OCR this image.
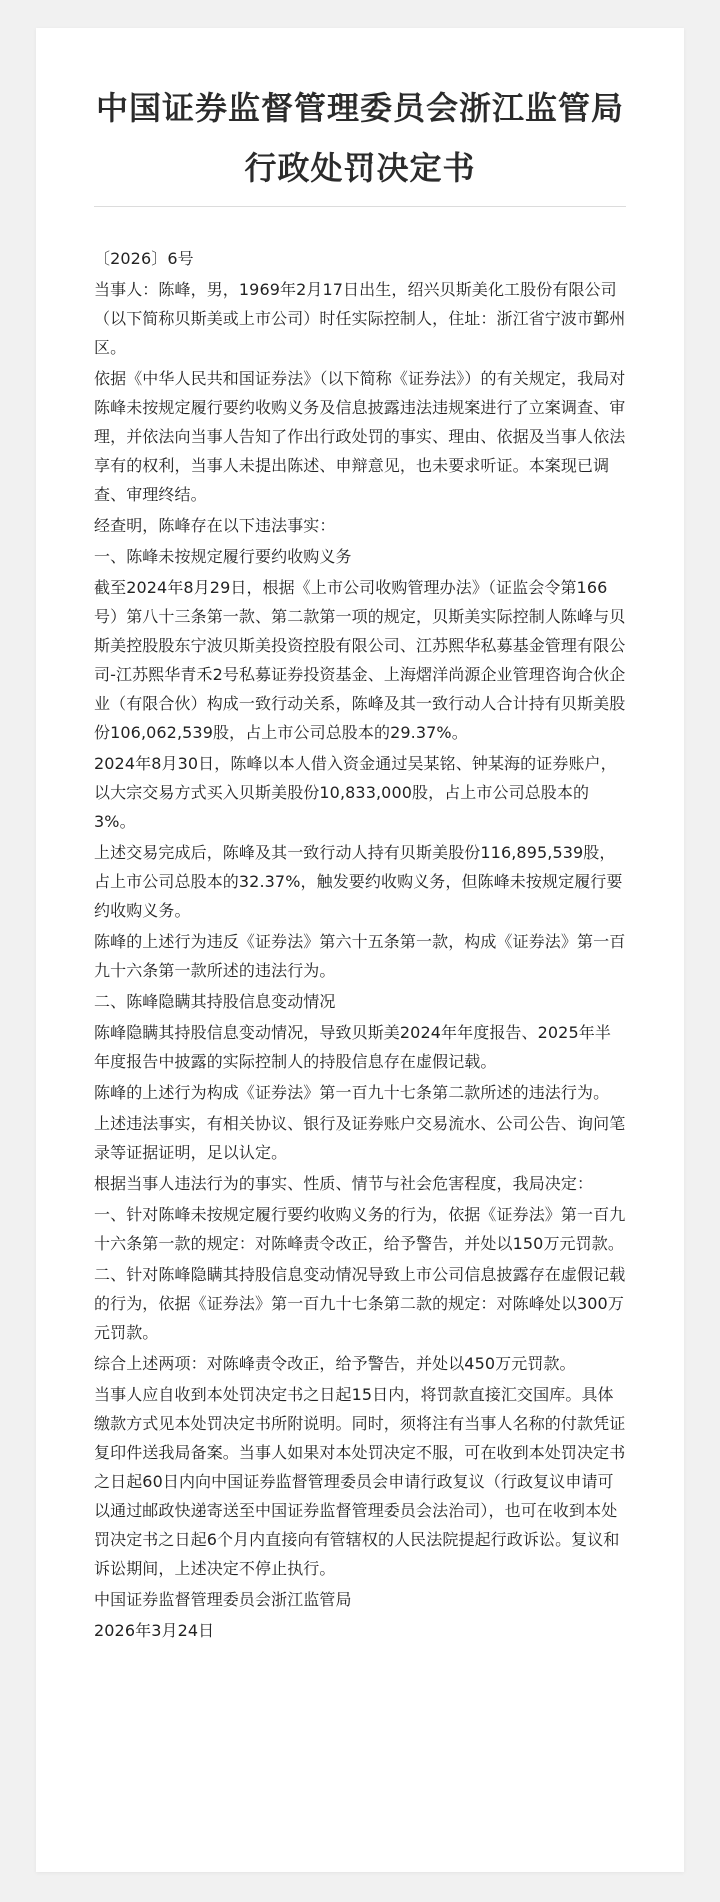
中国证券监督管理委员会浙江监管局
行政处罚决定书

〔2026〕6号

当事人：陈峰，男，1969年2月17日出生，绍兴贝斯美化工股份有限公司（以下简称贝斯美或上市公司）时任实际控制人，住址：浙江省宁波市鄞州区。

依据《中华人民共和国证券法》（以下简称《证券法》）的有关规定，我局对陈峰未按规定履行要约收购义务及信息披露违法违规案进行了立案调查、审理，并依法向当事人告知了作出行政处罚的事实、理由、依据及当事人依法享有的权利，当事人未提出陈述、申辩意见，也未要求听证。本案现已调查、审理终结。

经查明，陈峰存在以下违法事实：

一、陈峰未按规定履行要约收购义务

截至2024年8月29日，根据《上市公司收购管理办法》（证监会令第166号）第八十三条第一款、第二款第一项的规定，贝斯美实际控制人陈峰与贝斯美控股股东宁波贝斯美投资控股有限公司、江苏熙华私募基金管理有限公司-江苏熙华青禾2号私募证券投资基金、上海熠洋尚源企业管理咨询合伙企业（有限合伙）构成一致行动关系，陈峰及其一致行动人合计持有贝斯美股份106,062,539股，占上市公司总股本的29.37%。

2024年8月30日，陈峰以本人借入资金通过吴某铭、钟某海的证券账户，以大宗交易方式买入贝斯美股份10,833,000股，占上市公司总股本的3%。

上述交易完成后，陈峰及其一致行动人持有贝斯美股份116,895,539股，占上市公司总股本的32.37%，触发要约收购义务，但陈峰未按规定履行要约收购义务。

陈峰的上述行为违反《证券法》第六十五条第一款，构成《证券法》第一百九十六条第一款所述的违法行为。

二、陈峰隐瞒其持股信息变动情况

陈峰隐瞒其持股信息变动情况，导致贝斯美2024年年度报告、2025年半年度报告中披露的实际控制人的持股信息存在虚假记载。

陈峰的上述行为构成《证券法》第一百九十七条第二款所述的违法行为。

上述违法事实，有相关协议、银行及证券账户交易流水、公司公告、询问笔录等证据证明，足以认定。

根据当事人违法行为的事实、性质、情节与社会危害程度，我局决定：

一、针对陈峰未按规定履行要约收购义务的行为，依据《证券法》第一百九十六条第一款的规定：对陈峰责令改正，给予警告，并处以150万元罚款。

二、针对陈峰隐瞒其持股信息变动情况导致上市公司信息披露存在虚假记载的行为，依据《证券法》第一百九十七条第二款的规定：对陈峰处以300万元罚款。

综合上述两项：对陈峰责令改正，给予警告，并处以450万元罚款。

当事人应自收到本处罚决定书之日起15日内，将罚款直接汇交国库。具体缴款方式见本处罚决定书所附说明。同时，须将注有当事人名称的付款凭证复印件送我局备案。当事人如果对本处罚决定不服，可在收到本处罚决定书之日起60日内向中国证券监督管理委员会申请行政复议（行政复议申请可以通过邮政快递寄送至中国证券监督管理委员会法治司），也可在收到本处罚决定书之日起6个月内直接向有管辖权的人民法院提起行政诉讼。复议和诉讼期间，上述决定不停止执行。

中国证券监督管理委员会浙江监管局

2026年3月24日
